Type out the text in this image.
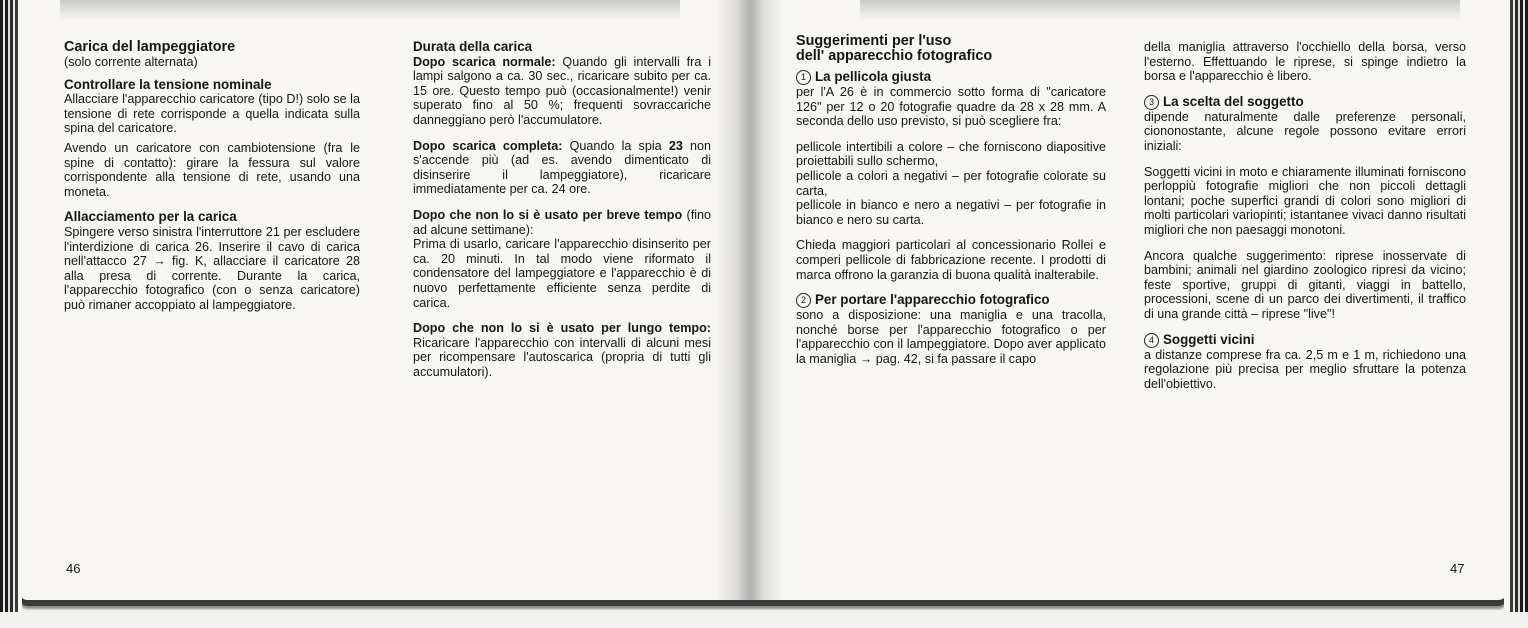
Carica del lampeggiatore
(solo corrente alternata)
Controllare la tensione nominale

Allacciare l'apparecchio caricatore (tipo D!) solo se la tensione di rete corrisponde a quella indicata sulla spina del caricatore.

Avendo un caricatore con cambiotensione (fra le spine di contatto): girare la fessura sul valore corrispondente alla tensione di rete, usando una moneta.

Allacciamento per la carica

Spingere verso sinistra l'interruttore 21 per escludere l'interdizione di carica 26. Inserire il cavo di carica nell'attacco 27 → fig. K, allacciare il caricatore 28 alla presa di corrente. Durante la carica, l'apparecchio fotografico (con o senza caricatore) può rimaner accoppiato al lampeggiatore.

Durata della carica

Dopo scarica normale: Quando gli intervalli fra i lampi salgono a ca. 30 sec., ricaricare subito per ca. 15 ore. Questo tempo può (occasionalmente!) venir superato fino al 50 %; frequenti sovraccariche danneggiano però l'accumulatore.

Dopo scarica completa: Quando la spia 23 non s'accende più (ad es. avendo dimenticato di disinserire il lampeggiatore), ricaricare immediatamente per ca. 24 ore.

Dopo che non lo si è usato per breve tempo (fino ad alcune settimane):

Prima di usarlo, caricare l'apparecchio disinserito per ca. 20 minuti. In tal modo viene riformato il condensatore del lampeggiatore e l'apparecchio è di nuovo perfettamente efficiente senza perdite di carica.

Dopo che non lo si è usato per lungo tempo: Ricaricare l'apparecchio con intervalli di alcuni mesi per ricompensare l'autoscarica (propria di tutti gli accumulatori).

46
Suggerimenti per l'uso
dell' apparecchio fotografico
1 La pellicola giusta

per l'A 26 è in commercio sotto forma di "caricatore 126" per 12 o 20 fotografie quadre da 28 x 28 mm. A seconda dello uso previsto, si può scegliere fra:

pellicole intertibili a colore – che forniscono diapositive proiettabili sullo schermo,

pellicole a colori a negativi – per fotografie colorate su carta,

pellicole in bianco e nero a negativi – per fotografie in bianco e nero su carta.

Chieda maggiori particolari al concessionario Rollei e comperi pellicole di fabbricazione recente. I prodotti di marca offrono la garanzia di buona qualità inalterabile.

2 Per portare l'apparecchio fotografico

sono a disposizione: una maniglia e una tracolla, nonché borse per l'apparecchio fotografico o per l'apparecchio con il lampeggiatore. Dopo aver applicato la maniglia → pag. 42, si fa passare il capo

della maniglia attraverso l'occhiello della borsa, verso l'esterno. Effettuando le riprese, si spinge indietro la borsa e l'apparecchio è libero.

3 La scelta del soggetto

dipende naturalmente dalle preferenze personali, ciononostante, alcune regole possono evitare errori iniziali:

Soggetti vicini in moto e chiaramente illuminati forniscono perloppiù fotografie migliori che non piccoli dettagli lontani; poche superfici grandi di colori sono migliori di molti particolari variopinti; istantanee vivaci danno risultati migliori che non paesaggi monotoni.

Ancora qualche suggerimento: riprese inosservate di bambini; animali nel giardino zoologico ripresi da vicino; feste sportive, gruppi di gitanti, viaggi in battello, processioni, scene di un parco dei divertimenti, il traffico di una grande città – riprese "live"!

4 Soggetti vicini

a distanze comprese fra ca. 2,5 m e 1 m, richiedono una regolazione più precisa per meglio sfruttare la potenza dell'obiettivo.

47
